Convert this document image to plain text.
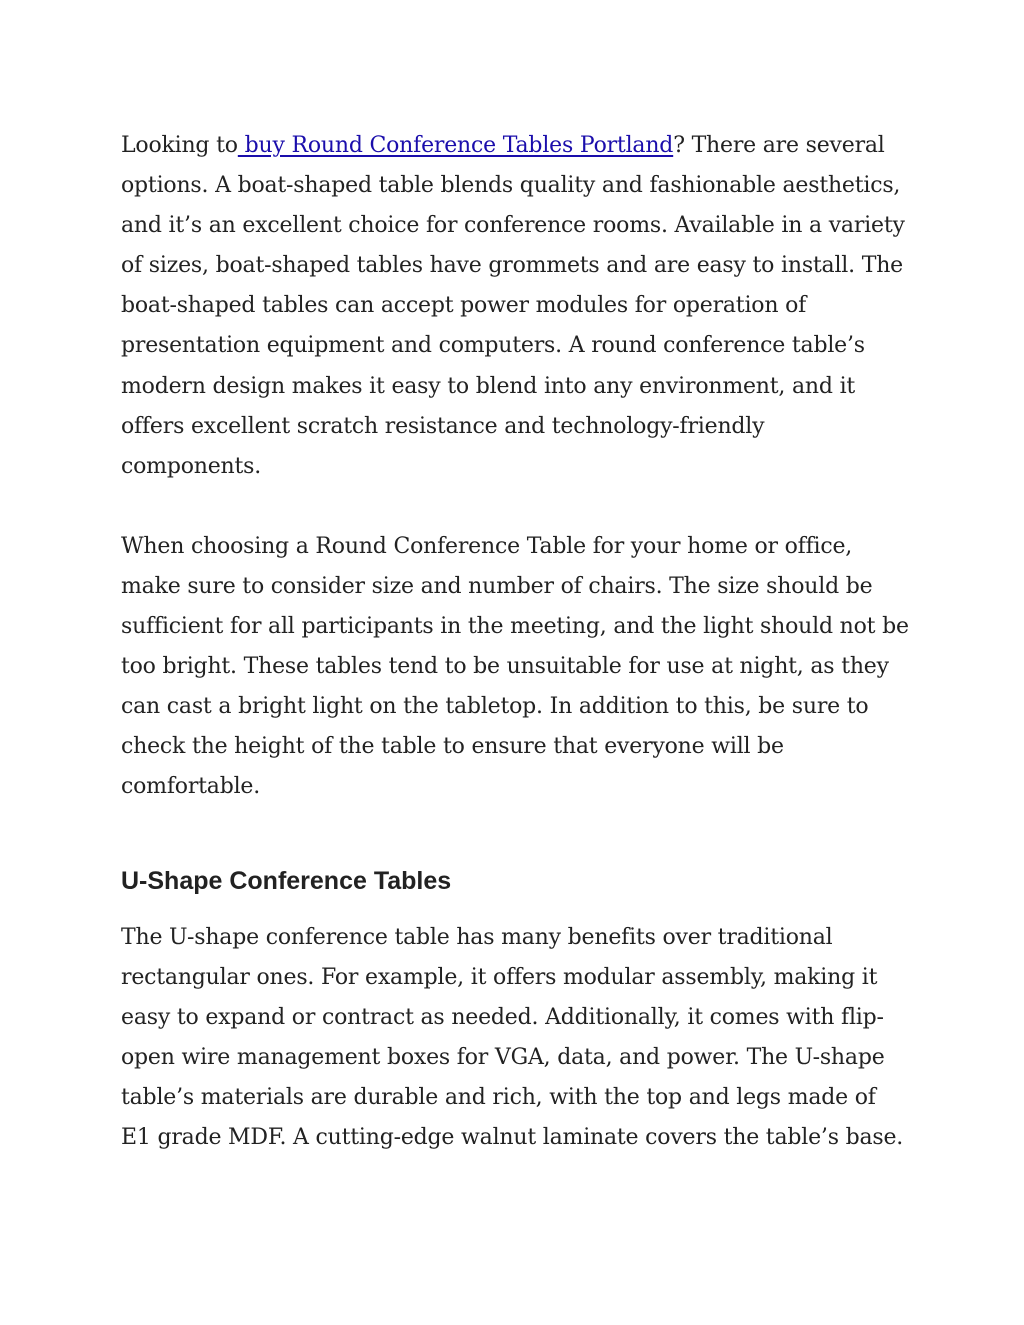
Looking to buy Round Conference Tables Portland? There are several options. A boat-shaped table blends quality and fashionable aesthetics, and it’s an excellent choice for conference rooms. Available in a variety of sizes, boat-shaped tables have grommets and are easy to install. The boat-shaped tables can accept power modules for operation of presentation equipment and computers. A round conference table’s modern design makes it easy to blend into any environment, and it offers excellent scratch resistance and technology-friendly components.

When choosing a Round Conference Table for your home or office, make sure to consider size and number of chairs. The size should be sufficient for all participants in the meeting, and the light should not be too bright. These tables tend to be unsuitable for use at night, as they can cast a bright light on the tabletop. In addition to this, be sure to check the height of the table to ensure that everyone will be comfortable.

U-Shape Conference Tables

The U-shape conference table has many benefits over traditional rectangular ones. For example, it offers modular assembly, making it easy to expand or contract as needed. Additionally, it comes with flip-open wire management boxes for VGA, data, and power. The U-shape table’s materials are durable and rich, with the top and legs made of E1 grade MDF. A cutting-edge walnut laminate covers the table’s base.
